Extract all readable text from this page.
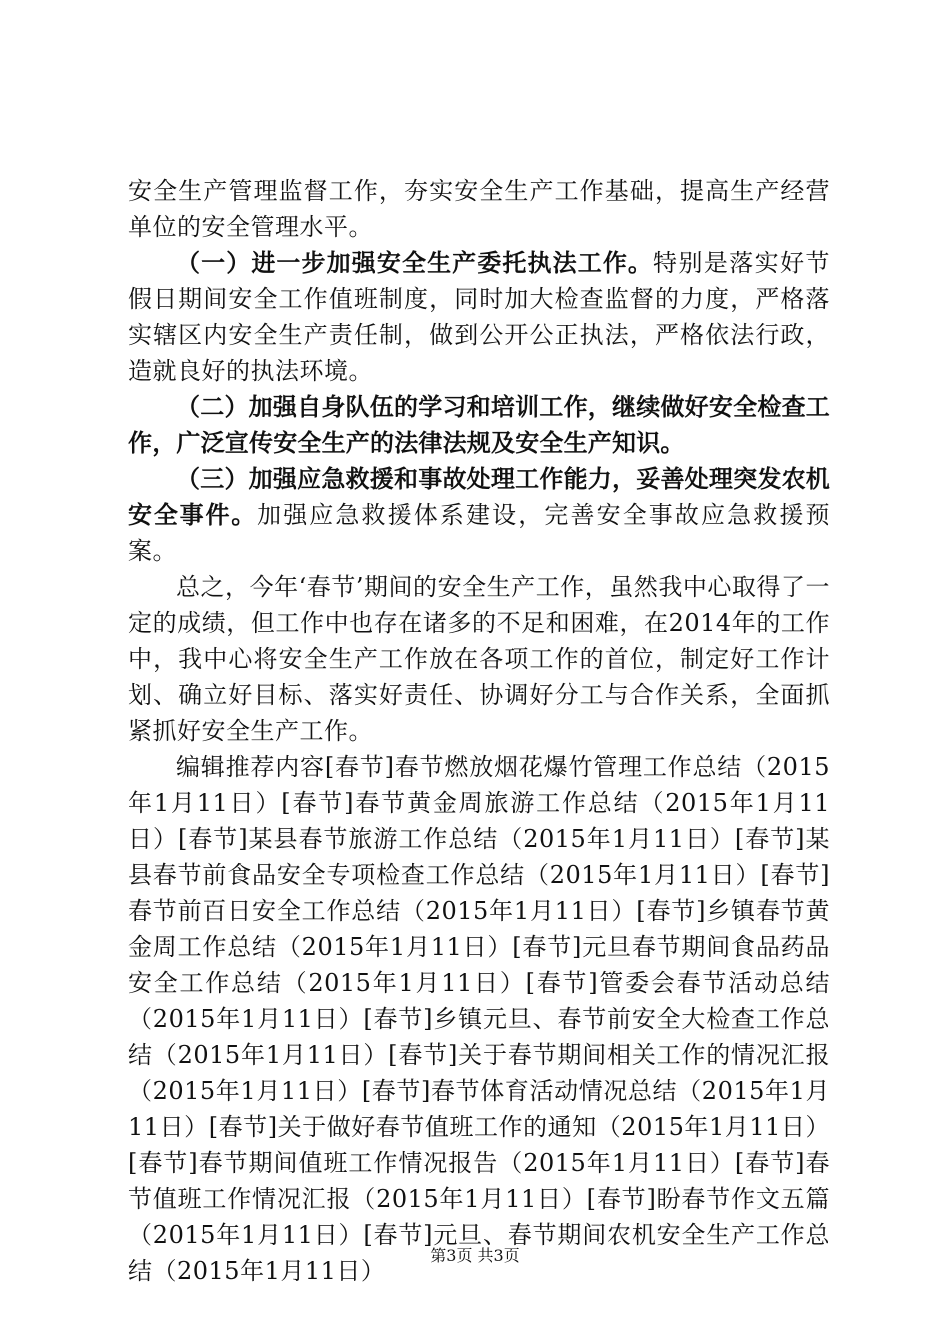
安全生产管理监督工作，夯实安全生产工作基础，提高生产经营单位的安全管理水平。

（一）进一步加强安全生产委托执法工作。特别是落实好节假日期间安全工作值班制度，同时加大检查监督的力度，严格落实辖区内安全生产责任制，做到公开公正执法，严格依法行政，造就良好的执法环境。

（二）加强自身队伍的学习和培训工作，继续做好安全检查工作，广泛宣传安全生产的法律法规及安全生产知识。

（三）加强应急救援和事故处理工作能力，妥善处理突发农机安全事件。加强应急救援体系建设，完善安全事故应急救援预案。

总之，今年‘春节’期间的安全生产工作，虽然我中心取得了一定的成绩，但工作中也存在诸多的不足和困难，在2014年的工作中，我中心将安全生产工作放在各项工作的首位，制定好工作计划、确立好目标、落实好责任、协调好分工与合作关系，全面抓紧抓好安全生产工作。

编辑推荐内容[春节]春节燃放烟花爆竹管理工作总结（2015年1月11日）[春节]春节黄金周旅游工作总结（2015年1月11日）[春节]某县春节旅游工作总结（2015年1月11日）[春节]某县春节前食品安全专项检查工作总结（2015年1月11日）[春节]春节前百日安全工作总结（2015年1月11日）[春节]乡镇春节黄金周工作总结（2015年1月11日）[春节]元旦春节期间食品药品安全工作总结（2015年1月11日）[春节]管委会春节活动总结（2015年1月11日）[春节]乡镇元旦、春节前安全大检查工作总结（2015年1月11日）[春节]关于春节期间相关工作的情况汇报（2015年1月11日）[春节]春节体育活动情况总结（2015年1月11日）[春节]关于做好春节值班工作的通知（2015年1月11日）[春节]春节期间值班工作情况报告（2015年1月11日）[春节]春节值班工作情况汇报（2015年1月11日）[春节]盼春节作文五篇（2015年1月11日）[春节]元旦、春节期间农机安全生产工作总结（2015年1月11日）

第3页 共3页
